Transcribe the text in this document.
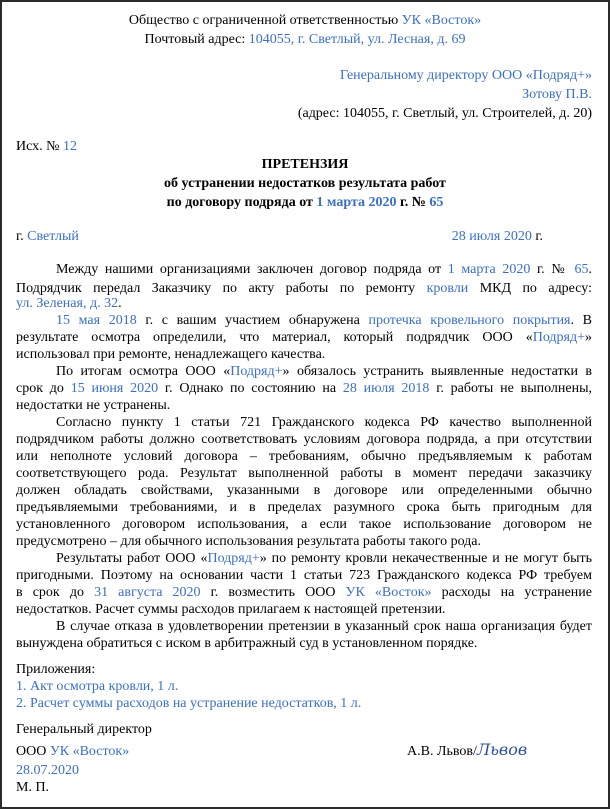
Общество с ограниченной ответственностью УК «Восток»
Почтовый адрес: 104055, г. Светлый, ул. Лесная, д. 69
Генеральному директору ООО «Подряд+»
Зотову П.В.
(адрес: 104055, г. Светлый, ул. Строителей, д. 20)
Исх. № 12
ПРЕТЕНЗИЯ
об устранении недостатков результата работ
по договору подряда от 1 марта 2020 г. № 65
г. Светлый	28 июля 2020 г.
Между нашими организациями заключен договор подряда от 1 марта 2020 г. № 65.
Подрядчик передал Заказчику по акту работы по ремонту кровли МКД по адресу:
ул. Зеленая, д. 32.
15 мая 2018 г. с вашим участием обнаружена протечка кровельного покрытия. В
результате осмотра определили, что материал, который подрядчик ООО «Подряд+»
использовал при ремонте, ненадлежащего качества.
По итогам осмотра ООО «Подряд+» обязалось устранить выявленные недостатки в
срок до 15 июня 2020 г. Однако по состоянию на 28 июля 2018 г. работы не выполнены,
недостатки не устранены.
Согласно пункту 1 статьи 721 Гражданского кодекса РФ качество выполненной
подрядчиком работы должно соответствовать условиям договора подряда, а при отсутствии
или неполноте условий договора – требованиям, обычно предъявляемым к работам
соответствующего рода. Результат выполненной работы в момент передачи заказчику
должен обладать свойствами, указанными в договоре или определенными обычно
предъявляемыми требованиями, и в пределах разумного срока быть пригодным для
установленного договором использования, а если такое использование договором не
предусмотрено – для обычного использования результата работы такого рода.
Результаты работ ООО «Подряд+» по ремонту кровли некачественные и не могут быть
пригодными. Поэтому на основании части 1 статьи 723 Гражданского кодекса РФ требуем
в срок до 31 августа 2020 г. возместить ООО УК «Восток» расходы на устранение
недостатков. Расчет суммы расходов прилагаем к настоящей претензии.
В случае отказа в удовлетворении претензии в указанный срок наша организация будет
вынуждена обратиться с иском в арбитражный суд в установленном порядке.
Приложения:
1. Акт осмотра кровли, 1 л.
2. Расчет суммы расходов на устранение недостатков, 1 л.
Генеральный директор
ООО УК «Восток»	А.В. Львов/Львов
28.07.2020
М. П.
